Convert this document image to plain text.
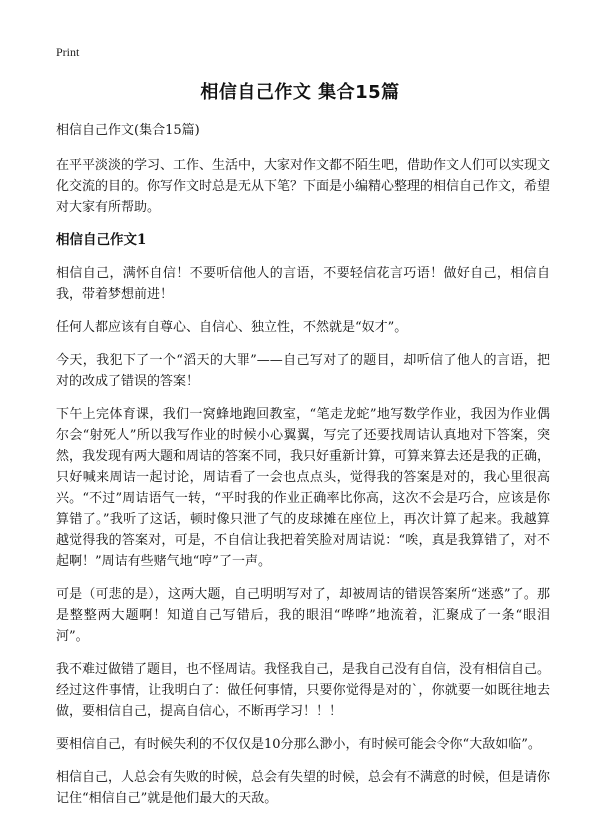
Print
相信自己作文 集合15篇

相信自己作文(集合15篇)

在平平淡淡的学习、工作、生活中，大家对作文都不陌生吧，借助作文人们可以实现文化交流的目的。你写作文时总是无从下笔？下面是小编精心整理的相信自己作文，希望对大家有所帮助。

相信自己作文1

相信自己，满怀自信！不要听信他人的言语，不要轻信花言巧语！做好自己，相信自我，带着梦想前进！

任何人都应该有自尊心、自信心、独立性，不然就是“奴才”。

今天，我犯下了一个“滔天的大罪”——自己写对了的题目，却听信了他人的言语，把对的改成了错误的答案！

下午上完体育课，我们一窝蜂地跑回教室，“笔走龙蛇”地写数学作业，我因为作业偶尔会“射死人”所以我写作业的时候小心翼翼，写完了还要找周诘认真地对下答案，突然，我发现有两大题和周诘的答案不同，我只好重新计算，可算来算去还是我的正确，只好喊来周诘一起讨论，周诘看了一会也点点头，觉得我的答案是对的，我心里很高兴。“不过”周诘语气一转，“平时我的作业正确率比你高，这次不会是巧合，应该是你算错了。”我听了这话，顿时像只泄了气的皮球摊在座位上，再次计算了起来。我越算越觉得我的答案对，可是，不自信让我把着笑脸对周诘说：“唉，真是我算错了，对不起啊！”周诘有些赌气地“哼”了一声。

可是（可悲的是），这两大题，自己明明写对了，却被周诘的错误答案所“迷惑”了。那是整整两大题啊！知道自己写错后，我的眼泪“哗哗”地流着，汇聚成了一条“眼泪河”。

我不难过做错了题目，也不怪周诘。我怪我自己，是我自己没有自信，没有相信自己。经过这件事情，让我明白了：做任何事情，只要你觉得是对的`，你就要一如既往地去做，要相信自己，提高自信心，不断再学习！！！

要相信自己，有时候失利的不仅仅是10分那么渺小，有时候可能会令你“大敌如临”。

相信自己，人总会有失败的时候，总会有失望的时候，总会有不满意的时候，但是请你记住“相信自己”就是他们最大的天敌。
